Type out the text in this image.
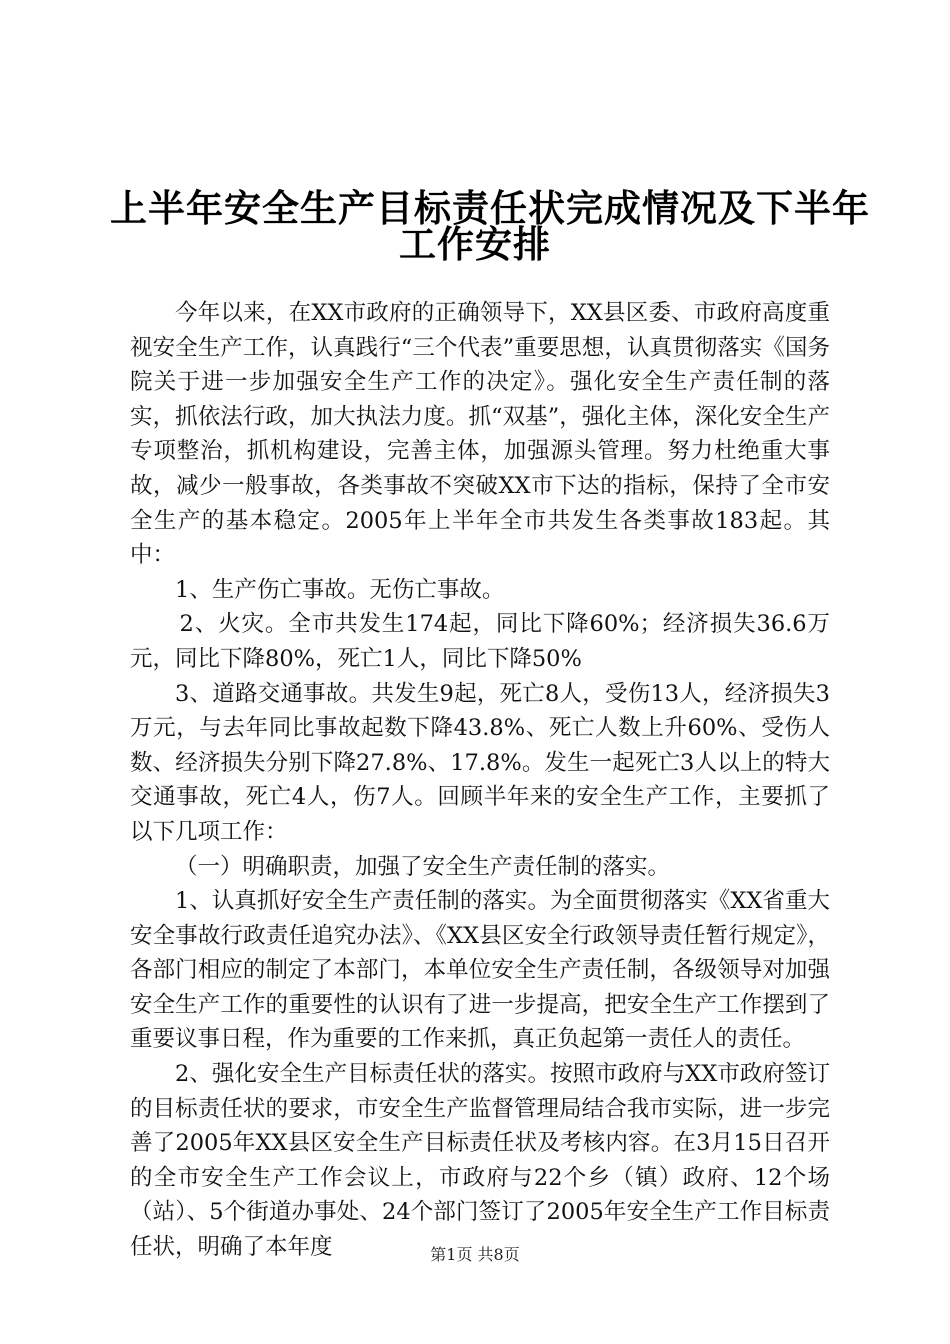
上半年安全生产目标责任状完成情况及下半年
工作安排

今年以来，在XX市政府的正确领导下，XX县区委、市政府高度重视安全生产工作，认真践行“三个代表”重要思想，认真贯彻落实《国务院关于进一步加强安全生产工作的决定》。强化安全生产责任制的落实，抓依法行政，加大执法力度。抓“双基”，强化主体，深化安全生产专项整治，抓机构建设，完善主体，加强源头管理。努力杜绝重大事故，减少一般事故，各类事故不突破XX市下达的指标，保持了全市安全生产的基本稳定。2005年上半年全市共发生各类事故183起。其中：

1、生产伤亡事故。无伤亡事故。

2、火灾。全市共发生174起，同比下降60%；经济损失36.6万元，同比下降80%，死亡1人，同比下降50%

3、道路交通事故。共发生9起，死亡8人，受伤13人，经济损失3万元，与去年同比事故起数下降43.8%、死亡人数上升60%、受伤人数、经济损失分别下降27.8%、17.8%。发生一起死亡3人以上的特大交通事故，死亡4人，伤7人。回顾半年来的安全生产工作，主要抓了以下几项工作：

（一）明确职责，加强了安全生产责任制的落实。

1、认真抓好安全生产责任制的落实。为全面贯彻落实《XX省重大安全事故行政责任追究办法》、《XX县区安全行政领导责任暂行规定》，各部门相应的制定了本部门，本单位安全生产责任制，各级领导对加强安全生产工作的重要性的认识有了进一步提高，把安全生产工作摆到了重要议事日程，作为重要的工作来抓，真正负起第一责任人的责任。

2、强化安全生产目标责任状的落实。按照市政府与XX市政府签订的目标责任状的要求，市安全生产监督管理局结合我市实际，进一步完善了2005年XX县区安全生产目标责任状及考核内容。在3月15日召开的全市安全生产工作会议上，市政府与22个乡（镇）政府、12个场（站）、5个街道办事处、24个部门签订了2005年安全生产工作目标责任状，明确了本年度	第1页 共8页
